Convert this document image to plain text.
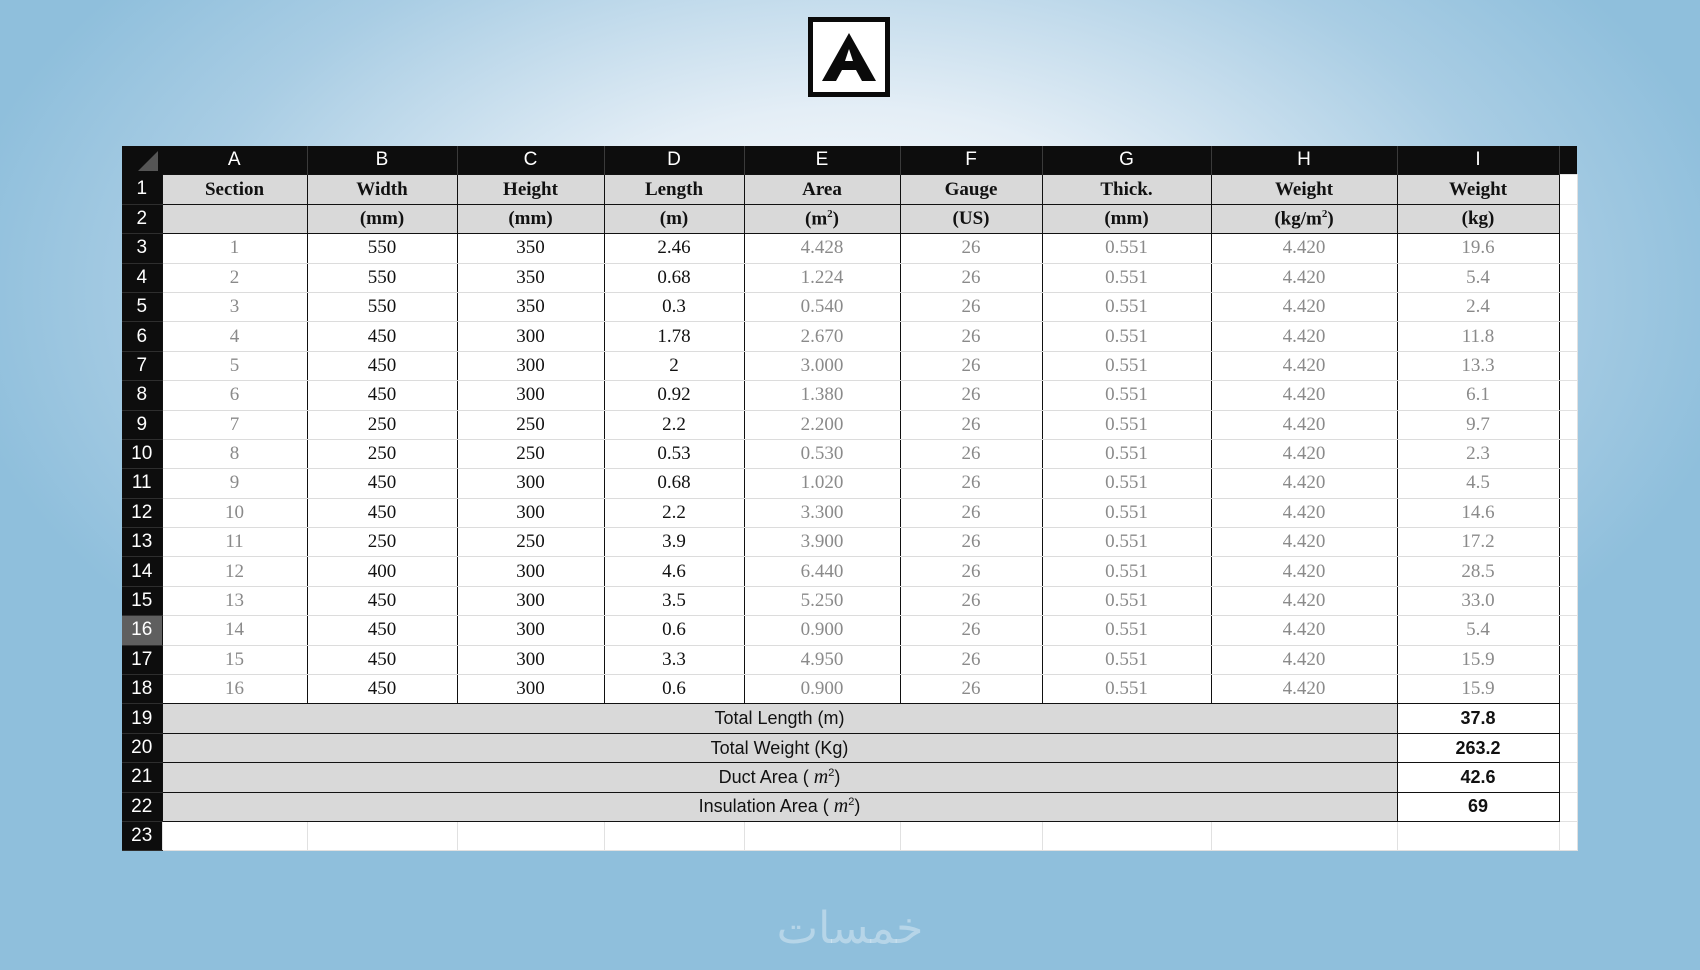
	A	B	C	D	E	F	G	H	I	
1	Section	Width	Height	Length	Area	Gauge	Thick.	Weight	Weight	
2		(mm)	(mm)	(m)	$(m^2)$	(US)	(mm)	$(kg/m^2)$	(kg)	
3	1	550	350	2.46	4.428	26	0.551	4.420	19.6	
4	2	550	350	0.68	1.224	26	0.551	4.420	5.4	
5	3	550	350	0.3	0.540	26	0.551	4.420	2.4	
6	4	450	300	1.78	2.670	26	0.551	4.420	11.8	
7	5	450	300	2	3.000	26	0.551	4.420	13.3	
8	6	450	300	0.92	1.380	26	0.551	4.420	6.1	
9	7	250	250	2.2	2.200	26	0.551	4.420	9.7	
10	8	250	250	0.53	0.530	26	0.551	4.420	2.3	
11	9	450	300	0.68	1.020	26	0.551	4.420	4.5	
12	10	450	300	2.2	3.300	26	0.551	4.420	14.6	
13	11	250	250	3.9	3.900	26	0.551	4.420	17.2	
14	12	400	300	4.6	6.440	26	0.551	4.420	28.5	
15	13	450	300	3.5	5.250	26	0.551	4.420	33.0	
16	14	450	300	0.6	0.900	26	0.551	4.420	5.4	
17	15	450	300	3.3	4.950	26	0.551	4.420	15.9	
18	16	450	300	0.6	0.900	26	0.551	4.420	15.9	
19	Total Length (m)								37.8	
20	Total Weight (Kg)								263.2	
21	Duct Area ( $m^2$)								42.6	
22	Insulation Area ( $m^2$)								69	
23										
خمسات
